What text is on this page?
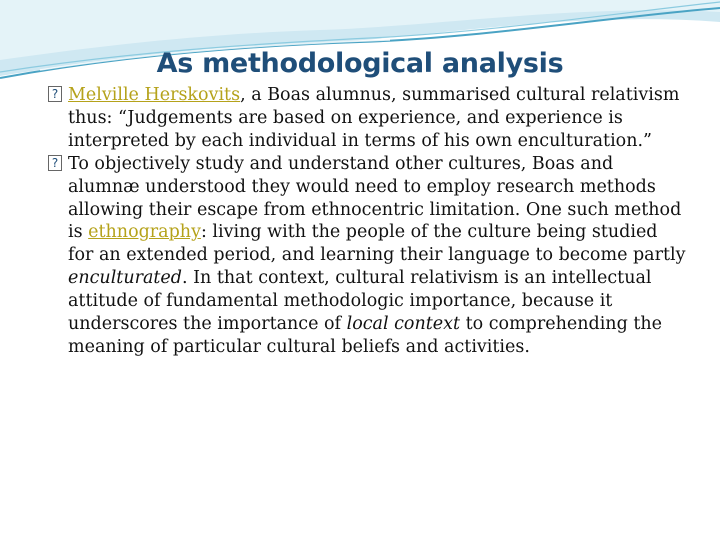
As methodological analysis

? Melville Herskovits, a Boas alumnus, summarised cultural relativism thus: “Judgements are based on experience, and experience is interpreted by each individual in terms of his own enculturation.”

? To objectively study and understand other cultures, Boas and alumnæ understood they would need to employ research methods allowing their escape from ethnocentric limitation. One such method is ethnography: living with the people of the culture being studied for an extended period, and learning their language to become partly enculturated. In that context, cultural relativism is an intellectual attitude of fundamental methodologic importance, because it underscores the importance of local context to comprehending the meaning of particular cultural beliefs and activities.
